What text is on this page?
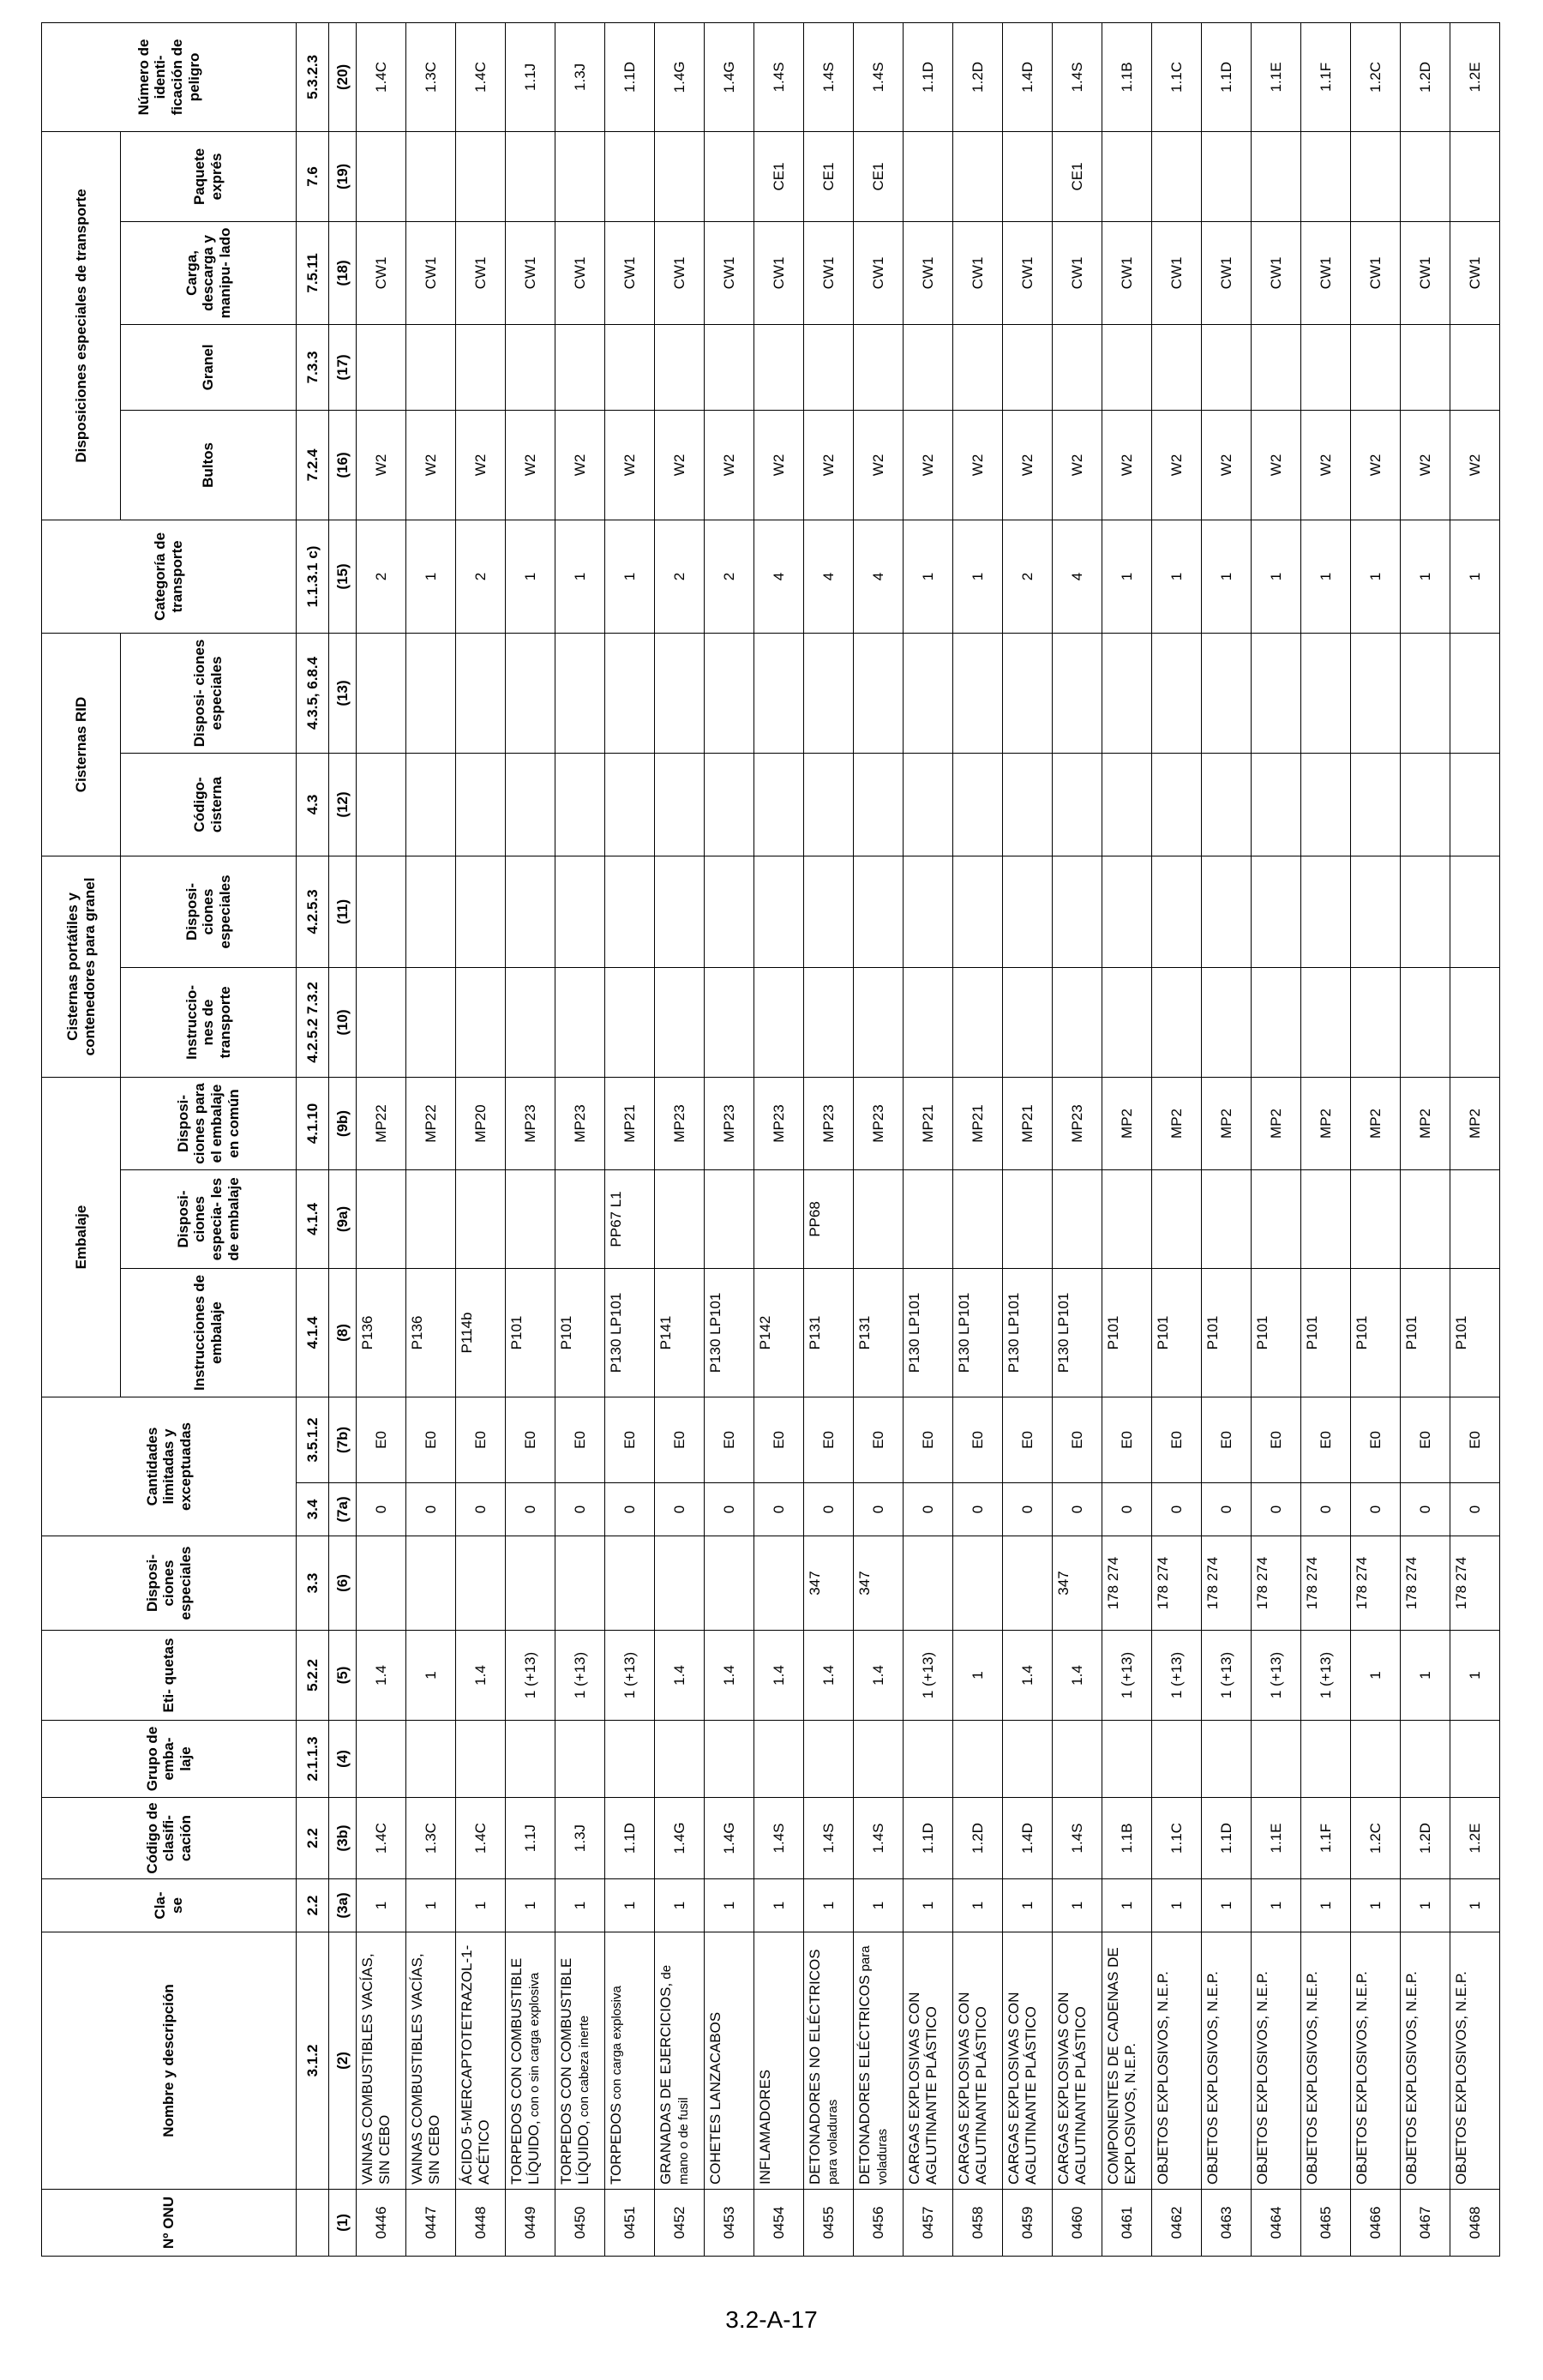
Nº ONU	Nombre y descripción	Cla- se	Código de clasifi- cación	Grupo de emba- laje	Eti- quetas	Disposi- ciones especiales	Cantidades limitadas y exceptuadas		Embalaje			Cisternas portátiles y contenedores para granel		Cisternas RID		Categoría de transporte	Disposiciones especiales de transporte				Número de identi- ficación de peligro
									Instrucciones de embalaje	Disposi- ciones especia- les de embalaje	Disposi- ciones para el embalaje en común	Instruccio- nes de transporte	Disposi- ciones especiales	Código- cisterna	Disposi- ciones especiales		Bultos	Granel	Carga, descarga y manipu- lado	Paquete exprés	
	3.1.2	2.2	2.2	2.1.1.3	5.2.2	3.3	3.4	3.5.1.2	4.1.4	4.1.4	4.1.10	4.2.5.2 7.3.2	4.2.5.3	4.3	4.3.5, 6.8.4	1.1.3.1 c)	7.2.4	7.3.3	7.5.11	7.6	5.3.2.3
(1)	(2)	(3a)	(3b)	(4)	(5)	(6)	(7a)	(7b)	(8)	(9a)	(9b)	(10)	(11)	(12)	(13)	(15)	(16)	(17)	(18)	(19)	(20)
0446	VAINAS COMBUSTIBLES VACÍAS, SIN CEBO	1	1.4C		1.4		0	E0	P136		MP22					2	W2		CW1		1.4C
0447	VAINAS COMBUSTIBLES VACÍAS, SIN CEBO	1	1.3C		1		0	E0	P136		MP22					1	W2		CW1		1.3C
0448	ÁCIDO 5-MERCAPTOTETRAZOL-1-ACÉTICO	1	1.4C		1.4		0	E0	P114b		MP20					2	W2		CW1		1.4C
0449	TORPEDOS CON COMBUSTIBLE LÍQUIDO, con o sin carga explosiva	1	1.1J		1 (+13)		0	E0	P101		MP23					1	W2		CW1		1.1J
0450	TORPEDOS CON COMBUSTIBLE LÍQUIDO, con cabeza inerte	1	1.3J		1 (+13)		0	E0	P101		MP23					1	W2		CW1		1.3J
0451	TORPEDOS con carga explosiva	1	1.1D		1 (+13)		0	E0	P130 LP101	PP67 L1	MP21					1	W2		CW1		1.1D
0452	GRANADAS DE EJERCICIOS, de mano o de fusil	1	1.4G		1.4		0	E0	P141		MP23					2	W2		CW1		1.4G
0453	COHETES LANZACABOS	1	1.4G		1.4		0	E0	P130 LP101		MP23					2	W2		CW1		1.4G
0454	INFLAMADORES	1	1.4S		1.4		0	E0	P142		MP23					4	W2		CW1	CE1	1.4S
0455	DETONADORES NO ELÉCTRICOS para voladuras	1	1.4S		1.4	347	0	E0	P131	PP68	MP23					4	W2		CW1	CE1	1.4S
0456	DETONADORES ELÉCTRICOS para voladuras	1	1.4S		1.4	347	0	E0	P131		MP23					4	W2		CW1	CE1	1.4S
0457	CARGAS EXPLOSIVAS CON AGLUTINANTE PLÁSTICO	1	1.1D		1 (+13)		0	E0	P130 LP101		MP21					1	W2		CW1		1.1D
0458	CARGAS EXPLOSIVAS CON AGLUTINANTE PLÁSTICO	1	1.2D		1		0	E0	P130 LP101		MP21					1	W2		CW1		1.2D
0459	CARGAS EXPLOSIVAS CON AGLUTINANTE PLÁSTICO	1	1.4D		1.4		0	E0	P130 LP101		MP21					2	W2		CW1		1.4D
0460	CARGAS EXPLOSIVAS CON AGLUTINANTE PLÁSTICO	1	1.4S		1.4	347	0	E0	P130 LP101		MP23					4	W2		CW1	CE1	1.4S
0461	COMPONENTES DE CADENAS DE EXPLOSIVOS, N.E.P.	1	1.1B		1 (+13)	178 274	0	E0	P101		MP2					1	W2		CW1		1.1B
0462	OBJETOS EXPLOSIVOS, N.E.P.	1	1.1C		1 (+13)	178 274	0	E0	P101		MP2					1	W2		CW1		1.1C
0463	OBJETOS EXPLOSIVOS, N.E.P.	1	1.1D		1 (+13)	178 274	0	E0	P101		MP2					1	W2		CW1		1.1D
0464	OBJETOS EXPLOSIVOS, N.E.P.	1	1.1E		1 (+13)	178 274	0	E0	P101		MP2					1	W2		CW1		1.1E
0465	OBJETOS EXPLOSIVOS, N.E.P.	1	1.1F		1 (+13)	178 274	0	E0	P101		MP2					1	W2		CW1		1.1F
0466	OBJETOS EXPLOSIVOS, N.E.P.	1	1.2C		1	178 274	0	E0	P101		MP2					1	W2		CW1		1.2C
0467	OBJETOS EXPLOSIVOS, N.E.P.	1	1.2D		1	178 274	0	E0	P101		MP2					1	W2		CW1		1.2D
0468	OBJETOS EXPLOSIVOS, N.E.P.	1	1.2E		1	178 274	0	E0	P101		MP2					1	W2		CW1		1.2E
3.2-A-17
